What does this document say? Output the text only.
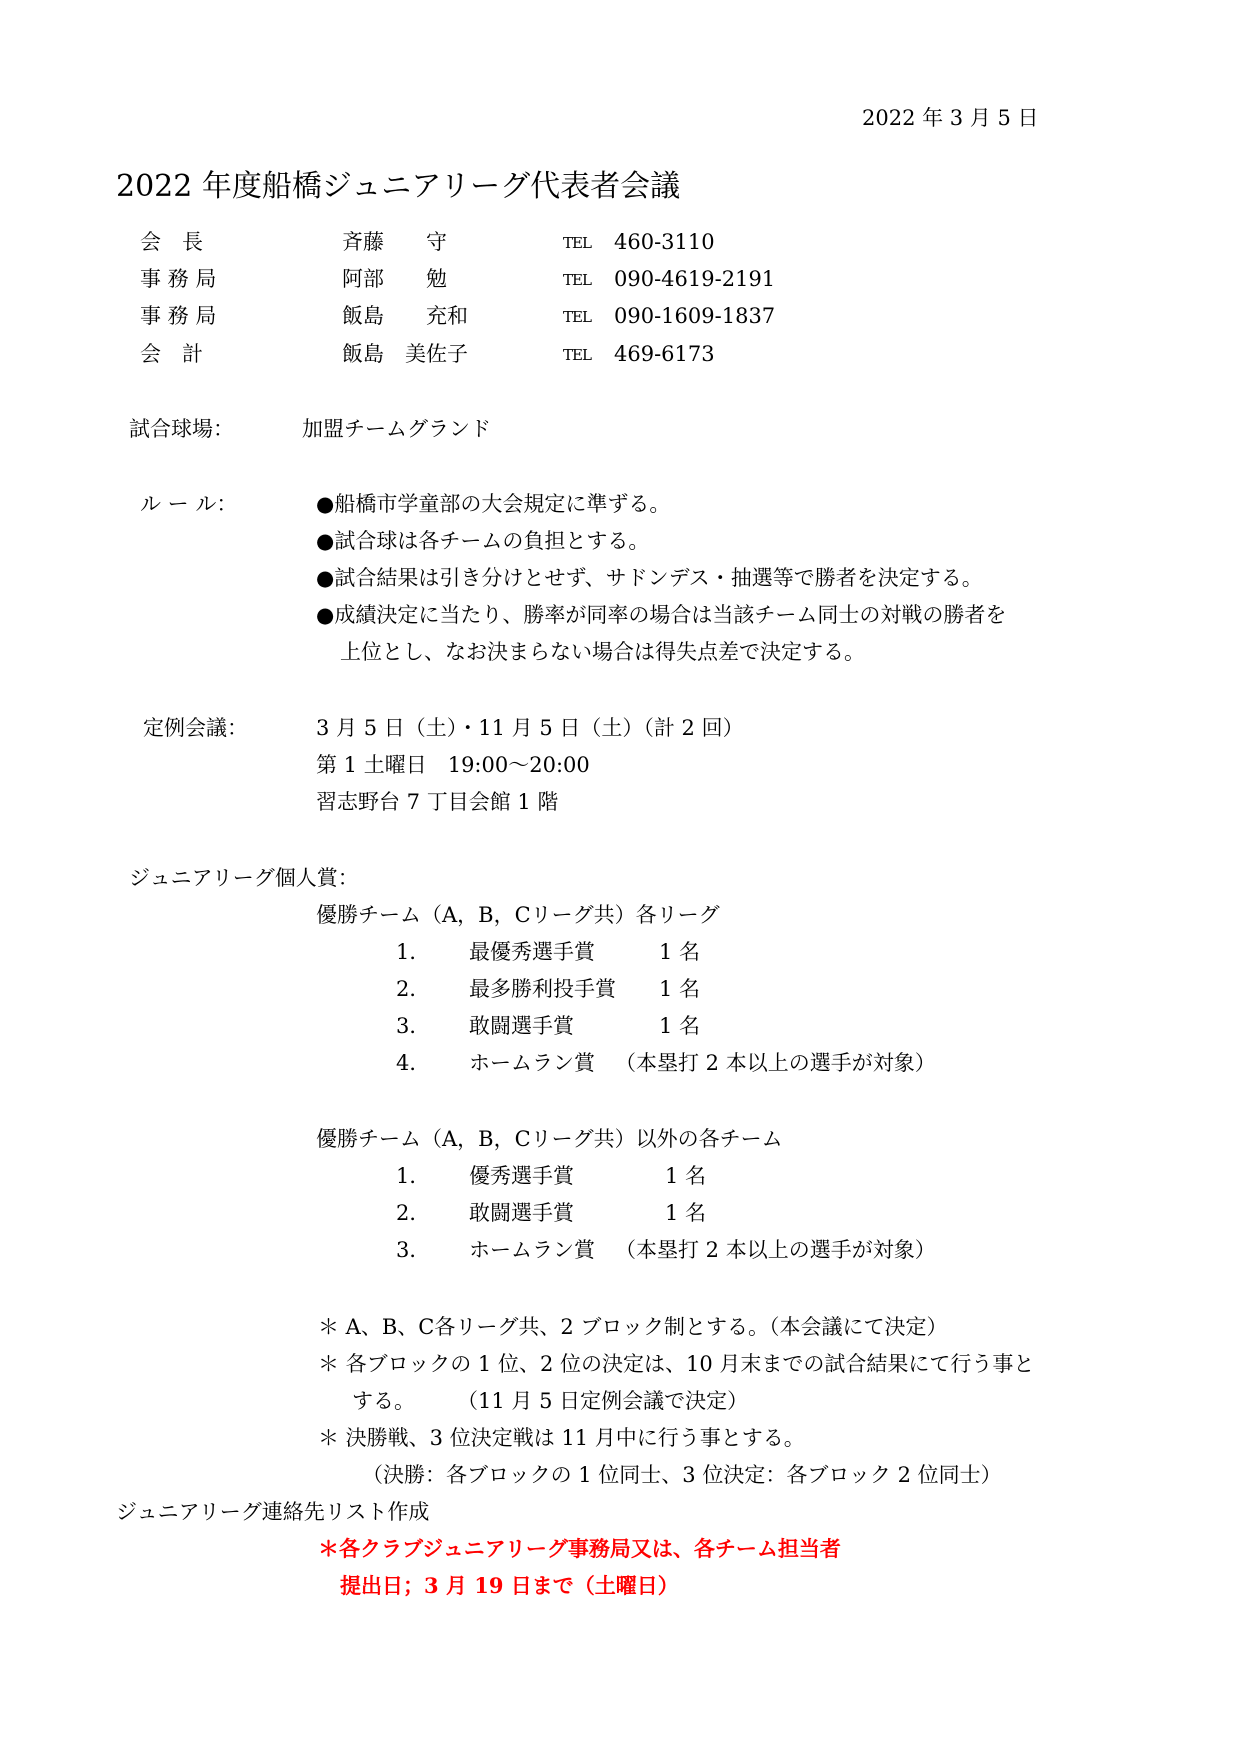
2022 年 3 月 5 日
2022 年度船橋ジュニアリーグ代表者会議
会　長	斉藤　　守	TEL 460-3110
事 務 局	阿部　　勉	TEL 090-4619-2191
事 務 局	飯島　　充和	TEL 090-1609-1837
会　計	飯島　美佐子	TEL 469-6173
試合球場：	加盟チームグランド
ル ー ル：	●船橋市学童部の大会規定に準ずる。
●試合球は各チームの負担とする。
●試合結果は引き分けとせず、サドンデス・抽選等で勝者を決定する。
●成績決定に当たり、勝率が同率の場合は当該チーム同士の対戦の勝者を
上位とし、なお決まらない場合は得失点差で決定する。
定例会議：	3 月 5 日（土）・11 月 5 日（土）（計 2 回）
第 1 土曜日　19:00～20:00
習志野台 7 丁目会館 1 階
ジュニアリーグ個人賞：
優勝チーム（A，B，Cリーグ共）各リーグ
1． 最優秀選手賞	1 名
2． 最多勝利投手賞 1 名
3． 敢闘選手賞	1 名
4． ホームラン賞 （本塁打 2 本以上の選手が対象）
優勝チーム（A，B，Cリーグ共）以外の各チーム
1． 優秀選手賞	1 名
2． 敢闘選手賞	1 名
3． ホームラン賞 （本塁打 2 本以上の選手が対象）
＊ A、B、C各リーグ共、2 ブロック制とする。（本会議にて決定）
＊ 各ブロックの 1 位、2 位の決定は、10 月末までの試合結果にて行う事と
する。　　　（11 月 5 日定例会議で決定）
＊ 決勝戦、3 位決定戦は 11 月中に行う事とする。
（決勝：各ブロックの 1 位同士、3 位決定：各ブロック 2 位同士）
ジュニアリーグ連絡先リスト作成
＊各クラブジュニアリーグ事務局又は、各チーム担当者
提出日；3 月 19 日まで（土曜日）
